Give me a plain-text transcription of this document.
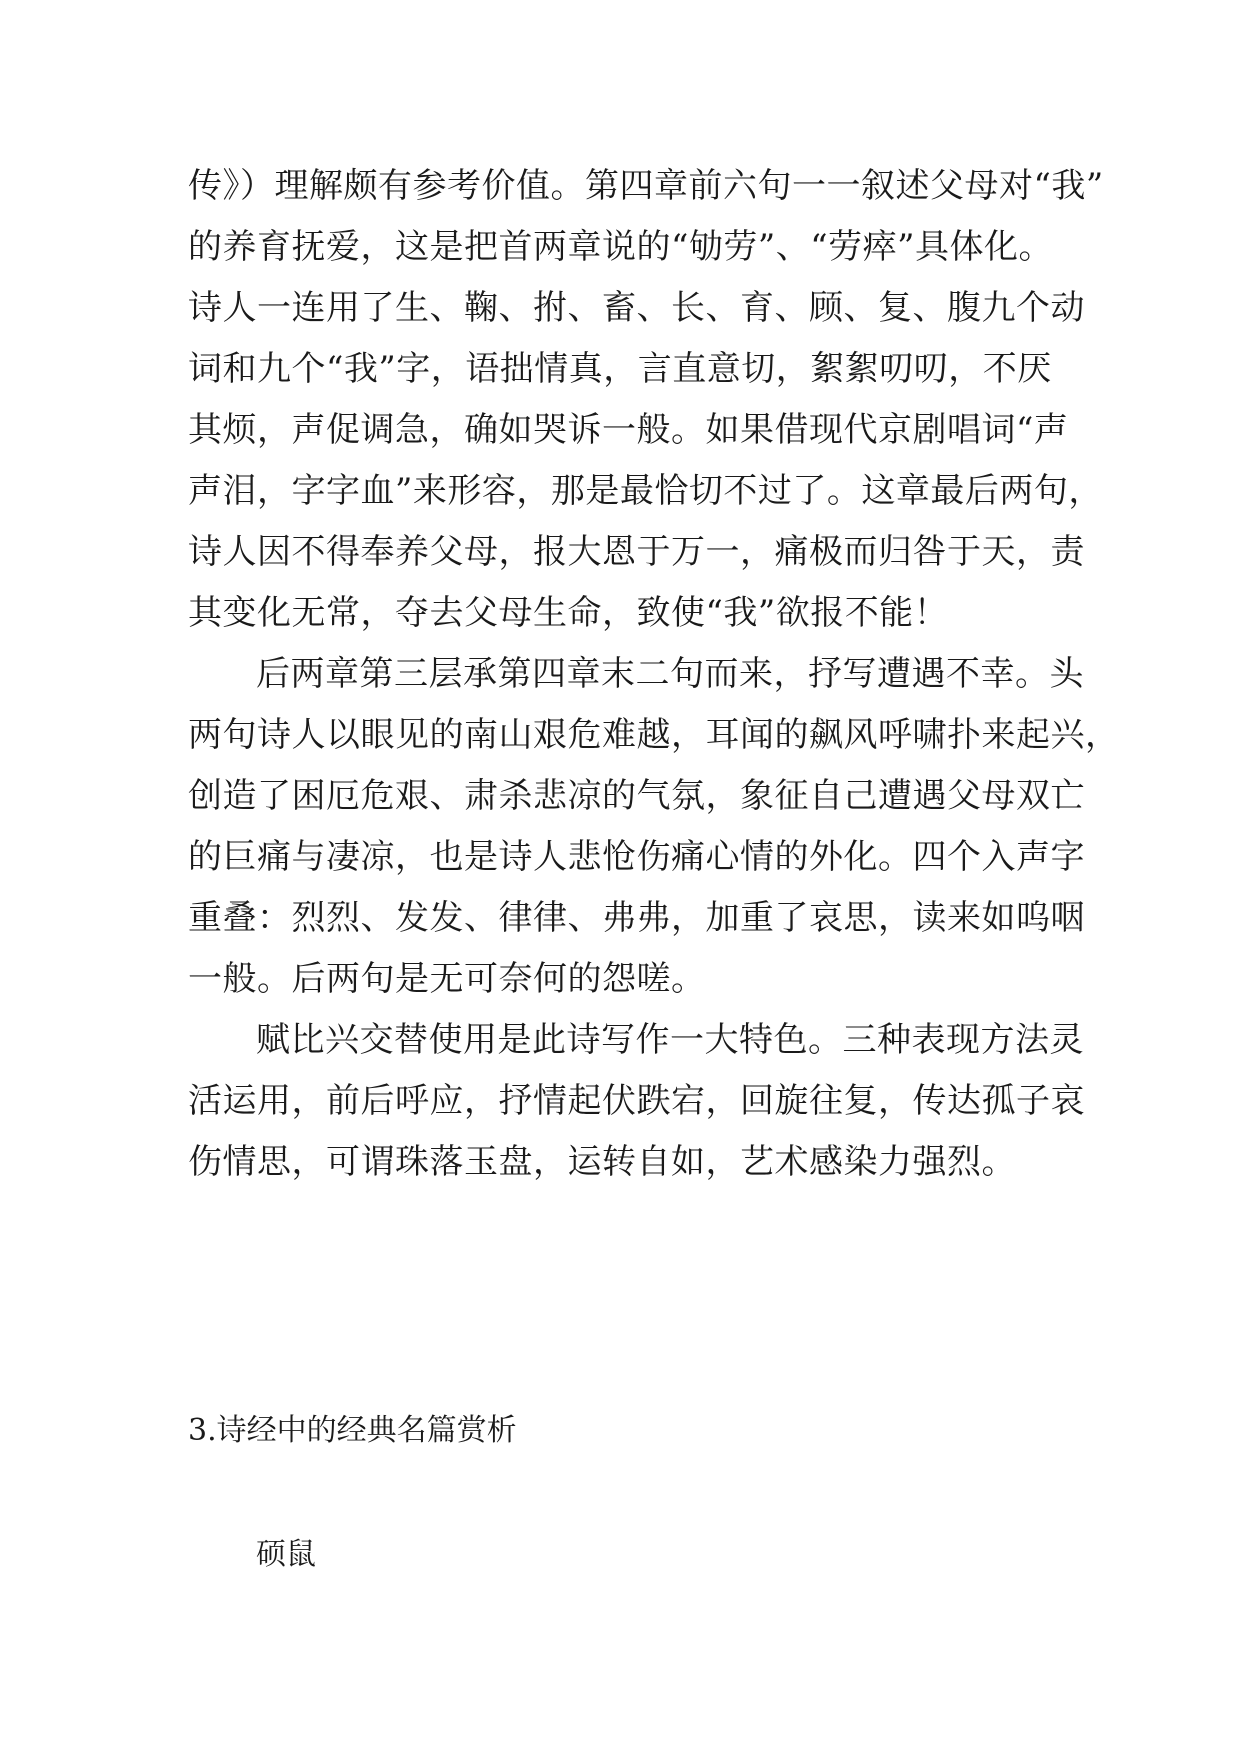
传》）理解颇有参考价值。第四章前六句一一叙述父母对“我”
的养育抚爱，这是把首两章说的“劬劳”、“劳瘁”具体化。
诗人一连用了生、鞠、拊、畜、长、育、顾、复、腹九个动
词和九个“我”字，语拙情真，言直意切，絮絮叨叨，不厌
其烦，声促调急，确如哭诉一般。如果借现代京剧唱词“声
声泪，字字血”来形容，那是最恰切不过了。这章最后两句，
诗人因不得奉养父母，报大恩于万一，痛极而归咎于天，责
其变化无常，夺去父母生命，致使“我”欲报不能！
后两章第三层承第四章末二句而来，抒写遭遇不幸。头
两句诗人以眼见的南山艰危难越，耳闻的飙风呼啸扑来起兴，
创造了困厄危艰、肃杀悲凉的气氛，象征自己遭遇父母双亡
的巨痛与凄凉，也是诗人悲怆伤痛心情的外化。四个入声字
重叠：烈烈、发发、律律、弗弗，加重了哀思，读来如呜咽
一般。后两句是无可奈何的怨嗟。
赋比兴交替使用是此诗写作一大特色。三种表现方法灵
活运用，前后呼应，抒情起伏跌宕，回旋往复，传达孤子哀
伤情思，可谓珠落玉盘，运转自如，艺术感染力强烈。
3.诗经中的经典名篇赏析
硕鼠
